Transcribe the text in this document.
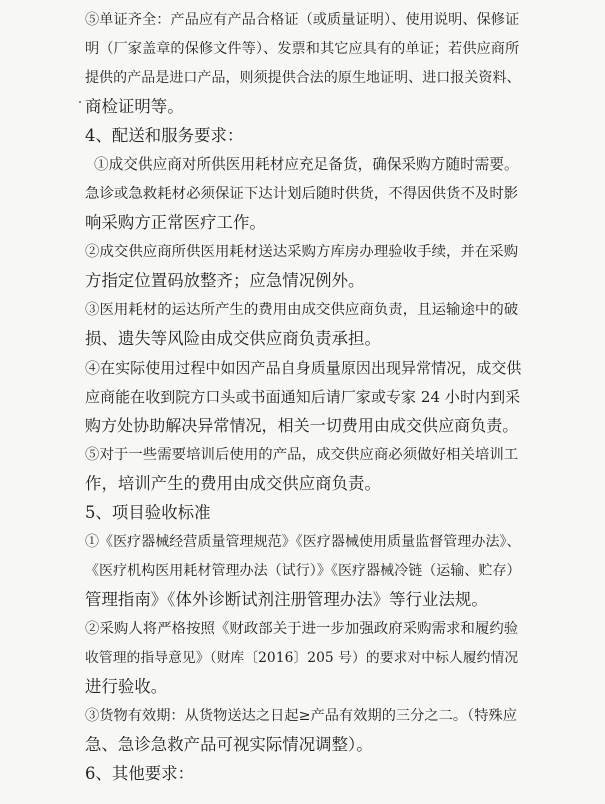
⑤单证齐全：产品应有产品合格证（或质量证明）、使用说明、保修证
明（厂家盖章的保修文件等）、发票和其它应具有的单证；若供应商所
提供的产品是进口产品，则须提供合法的原生地证明、进口报关资料、
商检证明等。
4、配送和服务要求：
①成交供应商对所供医用耗材应充足备货，确保采购方随时需要。
急诊或急救耗材必须保证下达计划后随时供货，不得因供货不及时影
响采购方正常医疗工作。
②成交供应商所供医用耗材送达采购方库房办理验收手续，并在采购
方指定位置码放整齐；应急情况例外。
③医用耗材的运达所产生的费用由成交供应商负责，且运输途中的破
损、遗失等风险由成交供应商负责承担。
④在实际使用过程中如因产品自身质量原因出现异常情况，成交供
应商能在收到院方口头或书面通知后请厂家或专家 24 小时内到采
购方处协助解决异常情况，相关一切费用由成交供应商负责。
⑤对于一些需要培训后使用的产品，成交供应商必须做好相关培训工
作，培训产生的费用由成交供应商负责。
5、项目验收标准
①《医疗器械经营质量管理规范》《医疗器械使用质量监督管理办法》、
《医疗机构医用耗材管理办法（试行）》《医疗器械冷链（运输、贮存）
管理指南》《体外诊断试剂注册管理办法》等行业法规。
②采购人将严格按照《财政部关于进一步加强政府采购需求和履约验
收管理的指导意见》（财库〔2016〕205 号）的要求对中标人履约情况
进行验收。
③货物有效期：从货物送达之日起≥产品有效期的三分之二。（特殊应
急、急诊急救产品可视实际情况调整）。
6、其他要求：
